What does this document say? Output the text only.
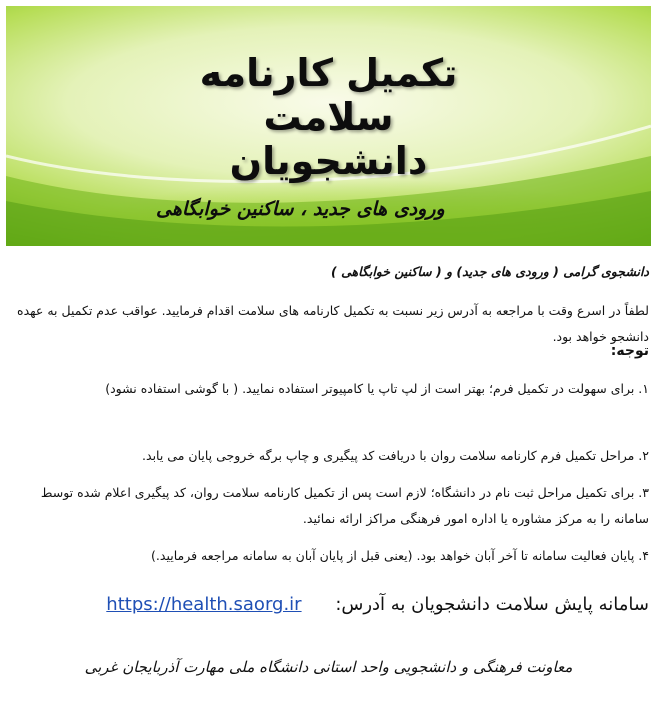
تکمیل کارنامه
سلامت
دانشجویان
ورودی های جدید ، ساکنین خوابگاهی
دانشجوی گرامی ( ورودی های جدید) و ( ساکنین خوابگاهی )
لطفاً در اسرع وقت با مراجعه به آدرس زیر نسبت به تکمیل کارنامه های سلامت اقدام فرمایید. عواقب عدم تکمیل به عهده دانشجو خواهد بود.
توجه:
۱. برای سهولت در تکمیل فرم؛ بهتر است از لپ تاپ یا کامپیوتر استفاده نمایید. ( با گوشی استفاده نشود)
۲. مراحل تکمیل فرم کارنامه سلامت روان با دریافت کد پیگیری و چاپ برگه خروجی پایان می یابد.
۳. برای تکمیل مراحل ثبت نام در دانشگاه؛ لازم است پس از تکمیل کارنامه سلامت روان، کد پیگیری اعلام شده توسط سامانه را به مرکز مشاوره یا اداره امور فرهنگی مراکز ارائه نمائید.
۴. پایان فعالیت سامانه تا آخر آبان خواهد بود. (یعنی قبل از پایان آبان به سامانه مراجعه فرمایید.)
سامانه پایش سلامت دانشجویان به آدرس: https://health.saorg.ir
معاونت فرهنگی و دانشجویی واحد استانی دانشگاه ملی مهارت آذربایجان غربی
